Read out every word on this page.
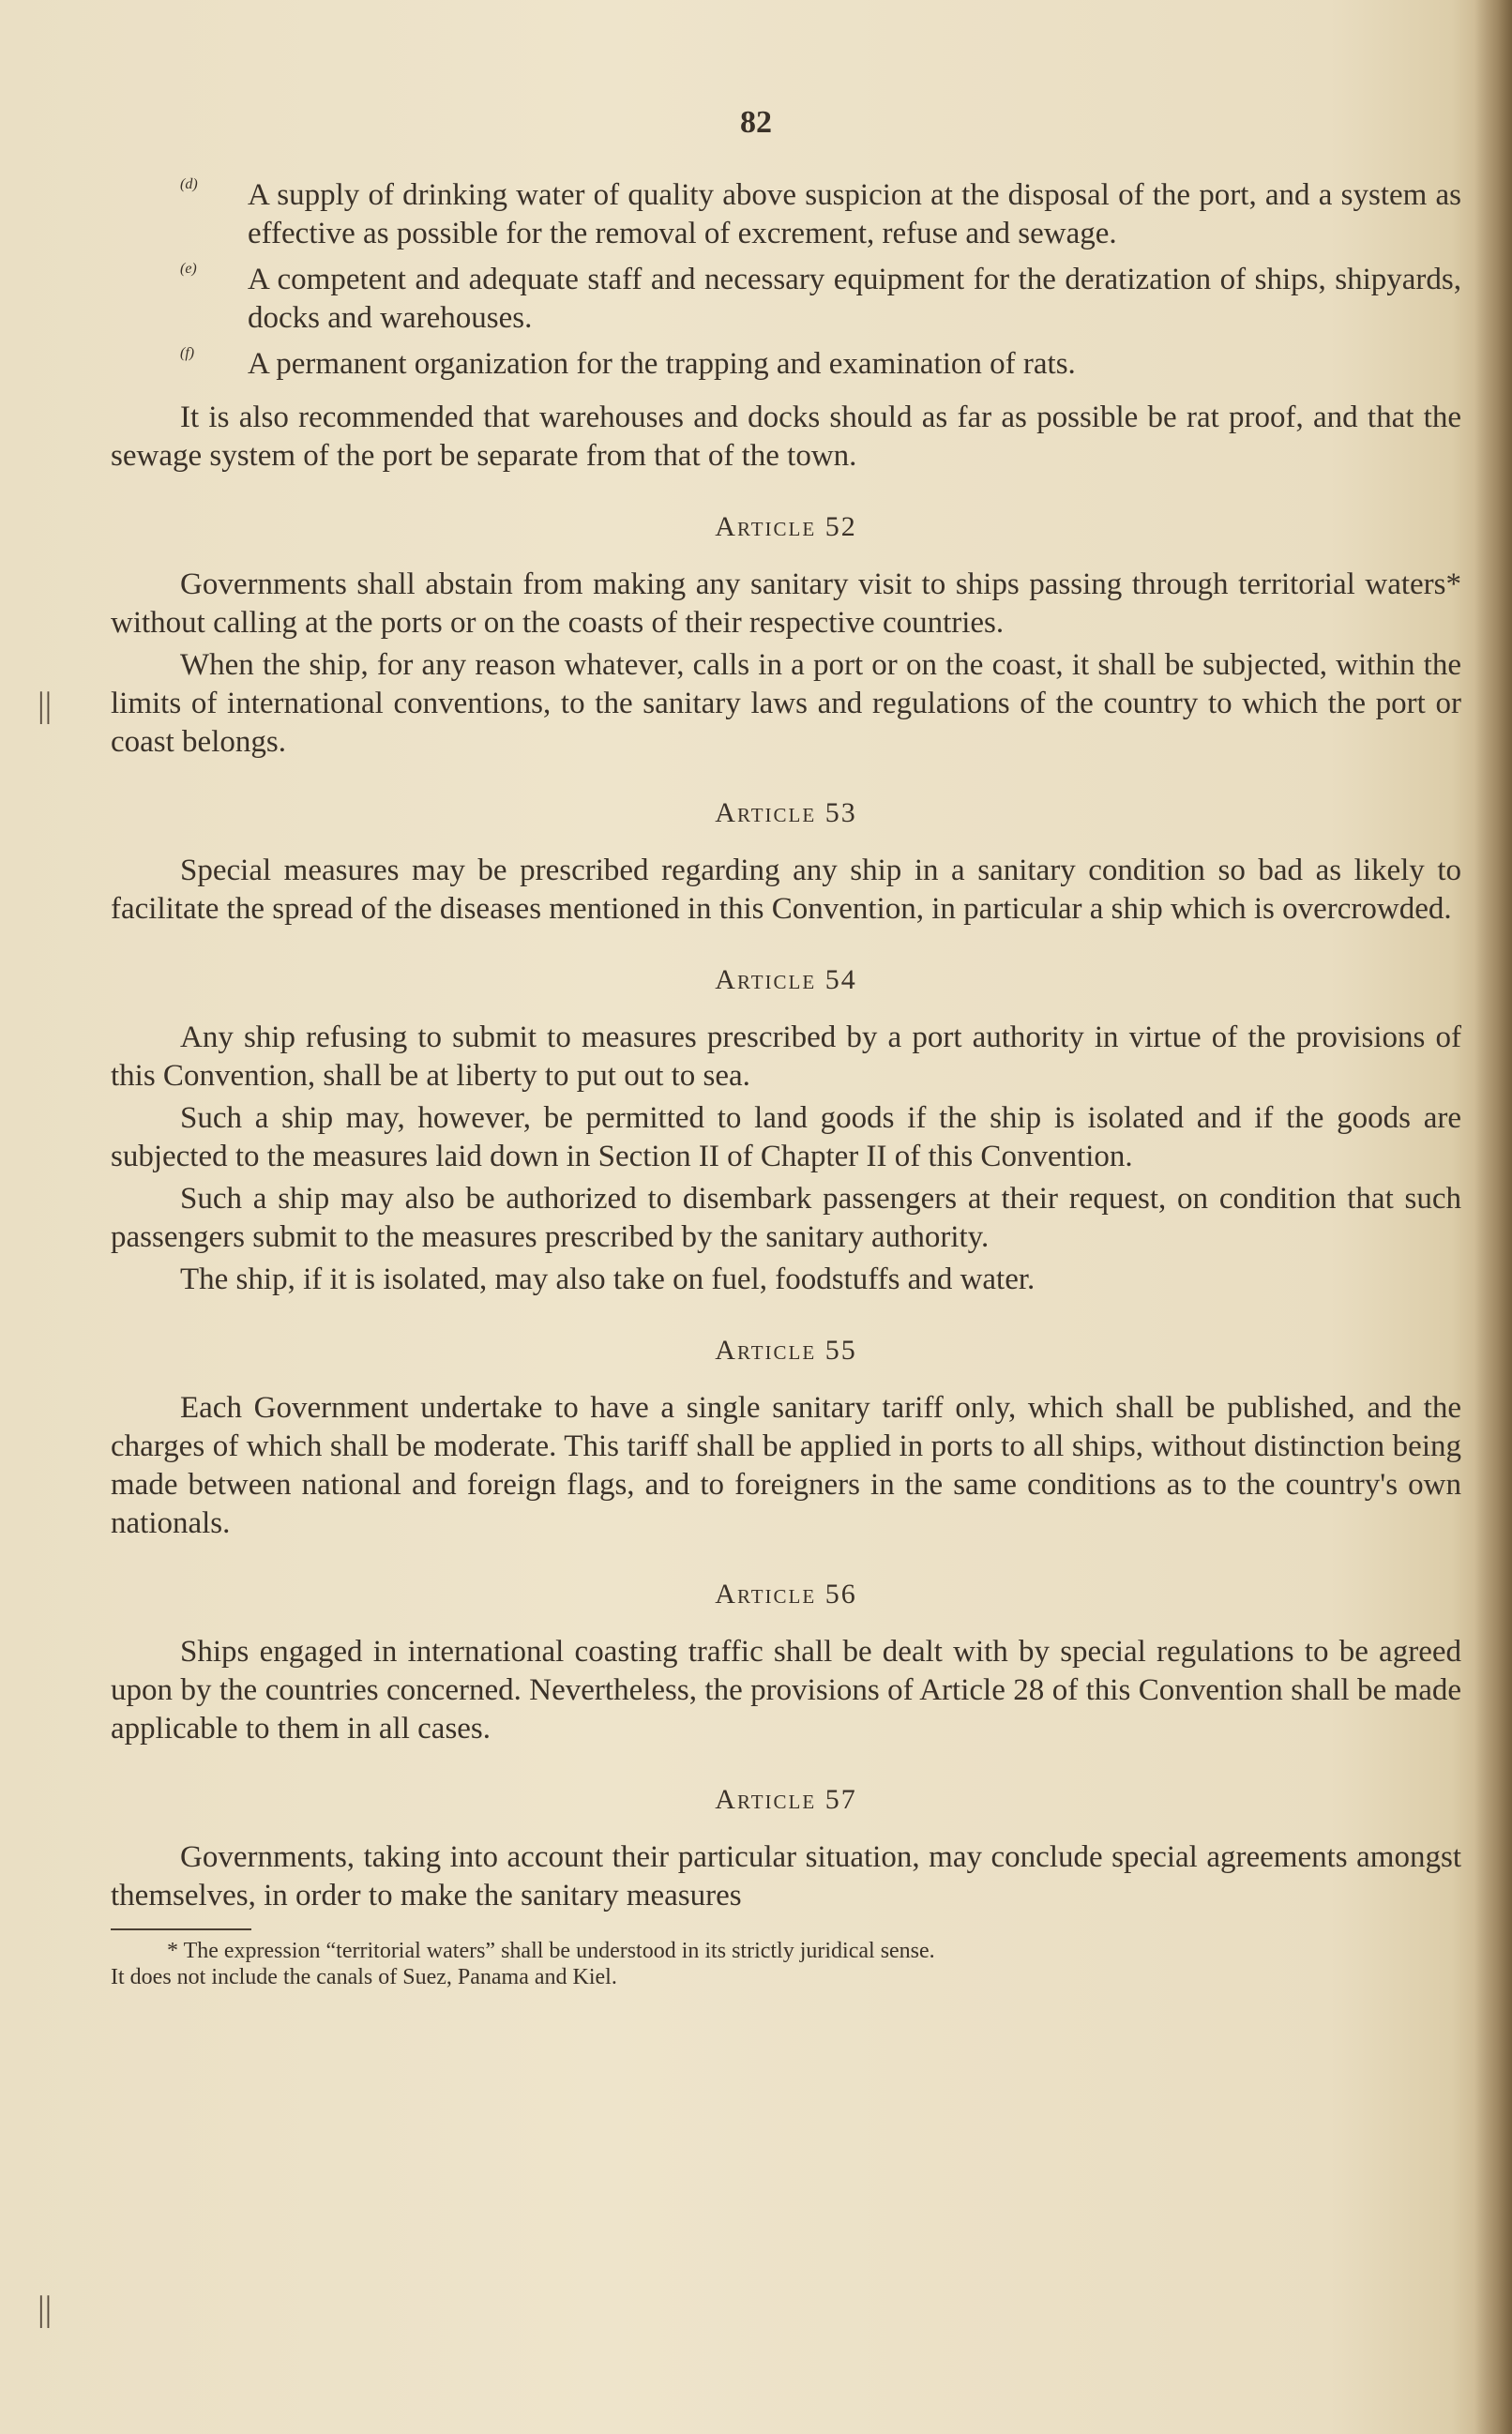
||
||
82
(d)	A supply of drinking water of quality above suspicion at the disposal of the port, and a system as effective as possible for the removal of excrement, refuse and sewage.

(e)	A competent and adequate staff and necessary equipment for the deratization of ships, shipyards, docks and warehouses.

(f)	A permanent organization for the trapping and examination of rats.

It is also recommended that warehouses and docks should as far as possible be rat proof, and that the sewage system of the port be separate from that of the town.

Article 52

Governments shall abstain from making any sanitary visit to ships passing through territorial waters* without calling at the ports or on the coasts of their respective countries.

When the ship, for any reason whatever, calls in a port or on the coast, it shall be subjected, within the limits of international conventions, to the sanitary laws and regulations of the country to which the port or coast belongs.

Article 53

Special measures may be prescribed regarding any ship in a sanitary condition so bad as likely to facilitate the spread of the diseases mentioned in this Convention, in particular a ship which is overcrowded.

Article 54

Any ship refusing to submit to measures prescribed by a port authority in virtue of the provisions of this Convention, shall be at liberty to put out to sea.

Such a ship may, however, be permitted to land goods if the ship is isolated and if the goods are subjected to the measures laid down in Section II of Chapter II of this Convention.

Such a ship may also be authorized to disembark passengers at their request, on condition that such passengers submit to the measures prescribed by the sanitary authority.

The ship, if it is isolated, may also take on fuel, foodstuffs and water.

Article 55

Each Government undertake to have a single sanitary tariff only, which shall be published, and the charges of which shall be moderate. This tariff shall be applied in ports to all ships, without distinction being made between national and foreign flags, and to foreigners in the same conditions as to the country's own nationals.

Article 56

Ships engaged in international coasting traffic shall be dealt with by special regulations to be agreed upon by the countries concerned. Nevertheless, the provisions of Article 28 of this Convention shall be made applicable to them in all cases.

Article 57

Governments, taking into account their particular situation, may conclude special agreements amongst themselves, in order to make the sanitary measures

* The expression “territorial waters” shall be understood in its strictly juridical sense.
It does not include the canals of Suez, Panama and Kiel.
